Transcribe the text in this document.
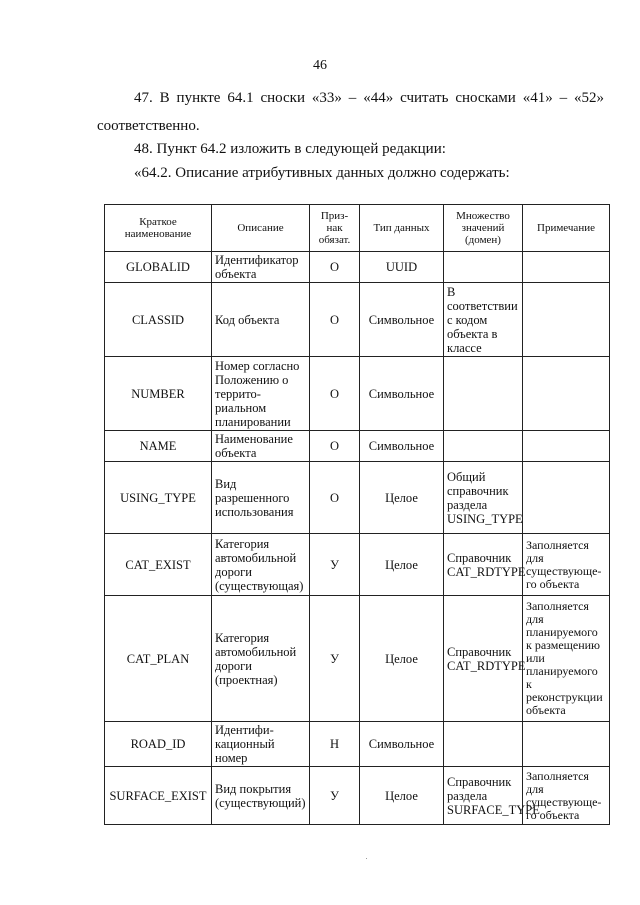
46
47. В пункте 64.1 сноски «33» – «44» считать сносками «41» – «52»
соответственно.
48. Пункт 64.2 изложить в следующей редакции:
«64.2. Описание атрибутивных данных должно содержать:
Краткое наименование	Описание	Приз-нак обязат.	Тип данных	Множество значений (домен)	Примечание
GLOBALID	Идентификатор объекта	О	UUID		
CLASSID	Код объекта	О	Символьное	В соответствии с кодом объекта в классе	
NUMBER	Номер согласно Положению о террито-риальном планировании	О	Символьное		
NAME	Наименование объекта	О	Символьное		
USING_TYPE	Вид разрешенного использования	О	Целое	Общий справочник раздела USING_TYPE	
CAT_EXIST	Категория автомобильной дороги (существующая)	У	Целое	Справочник CAT_RDTYPE	Заполняется для существующе-го объекта
CAT_PLAN	Категория автомобильной дороги (проектная)	У	Целое	Справочник CAT_RDTYPE	Заполняется для планируемого к размещению или планируемого к реконструкции объекта
ROAD_ID	Идентифи-кационный номер	Н	Символьное		
SURFACE_EXIST	Вид покрытия (существующий)	У	Целое	Справочник раздела SURFACE_TYPE	Заполняется для существующе-го объекта
